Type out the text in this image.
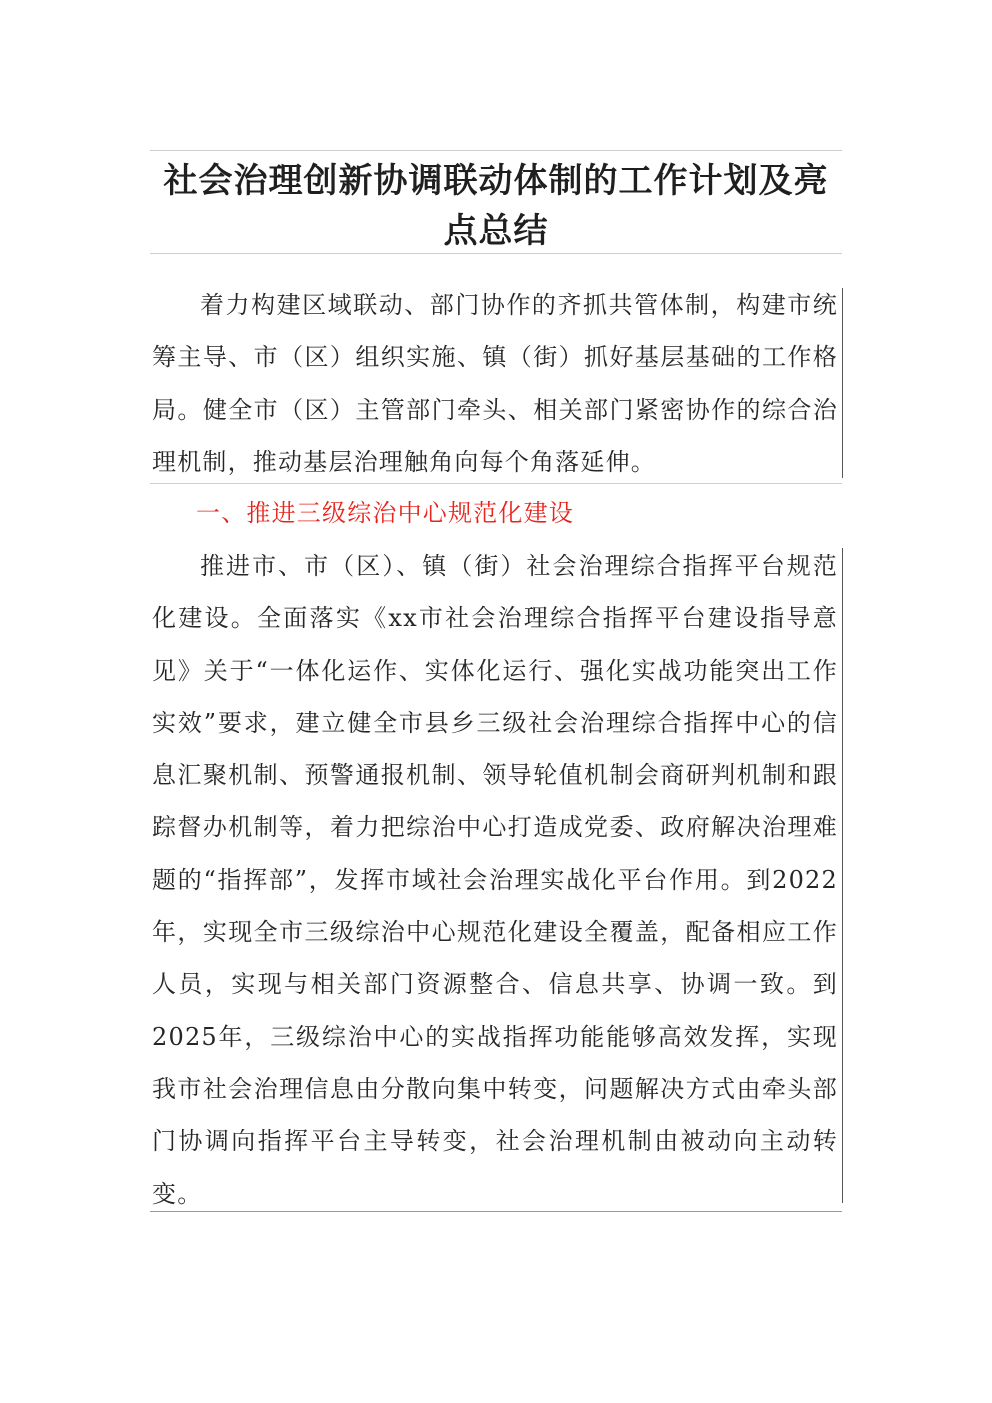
社会治理创新协调联动体制的工作计划及亮点总结

着力构建区域联动、部门协作的齐抓共管体制，构建市统筹主导、市（区）组织实施、镇（街）抓好基层基础的工作格局。健全市（区）主管部门牵头、相关部门紧密协作的综合治理机制，推动基层治理触角向每个角落延伸。

一、推进三级综治中心规范化建设

推进市、市（区）、镇（街）社会治理综合指挥平台规范化建设。全面落实《xx市社会治理综合指挥平台建设指导意见》关于“一体化运作、实体化运行、强化实战功能突出工作实效”要求，建立健全市县乡三级社会治理综合指挥中心的信息汇聚机制、预警通报机制、领导轮值机制会商研判机制和跟踪督办机制等，着力把综治中心打造成党委、政府解决治理难题的“指挥部”，发挥市域社会治理实战化平台作用。到2022年，实现全市三级综治中心规范化建设全覆盖，配备相应工作人员，实现与相关部门资源整合、信息共享、协调一致。到2025年，三级综治中心的实战指挥功能能够高效发挥，实现我市社会治理信息由分散向集中转变，问题解决方式由牵头部门协调向指挥平台主导转变，社会治理机制由被动向主动转变。
